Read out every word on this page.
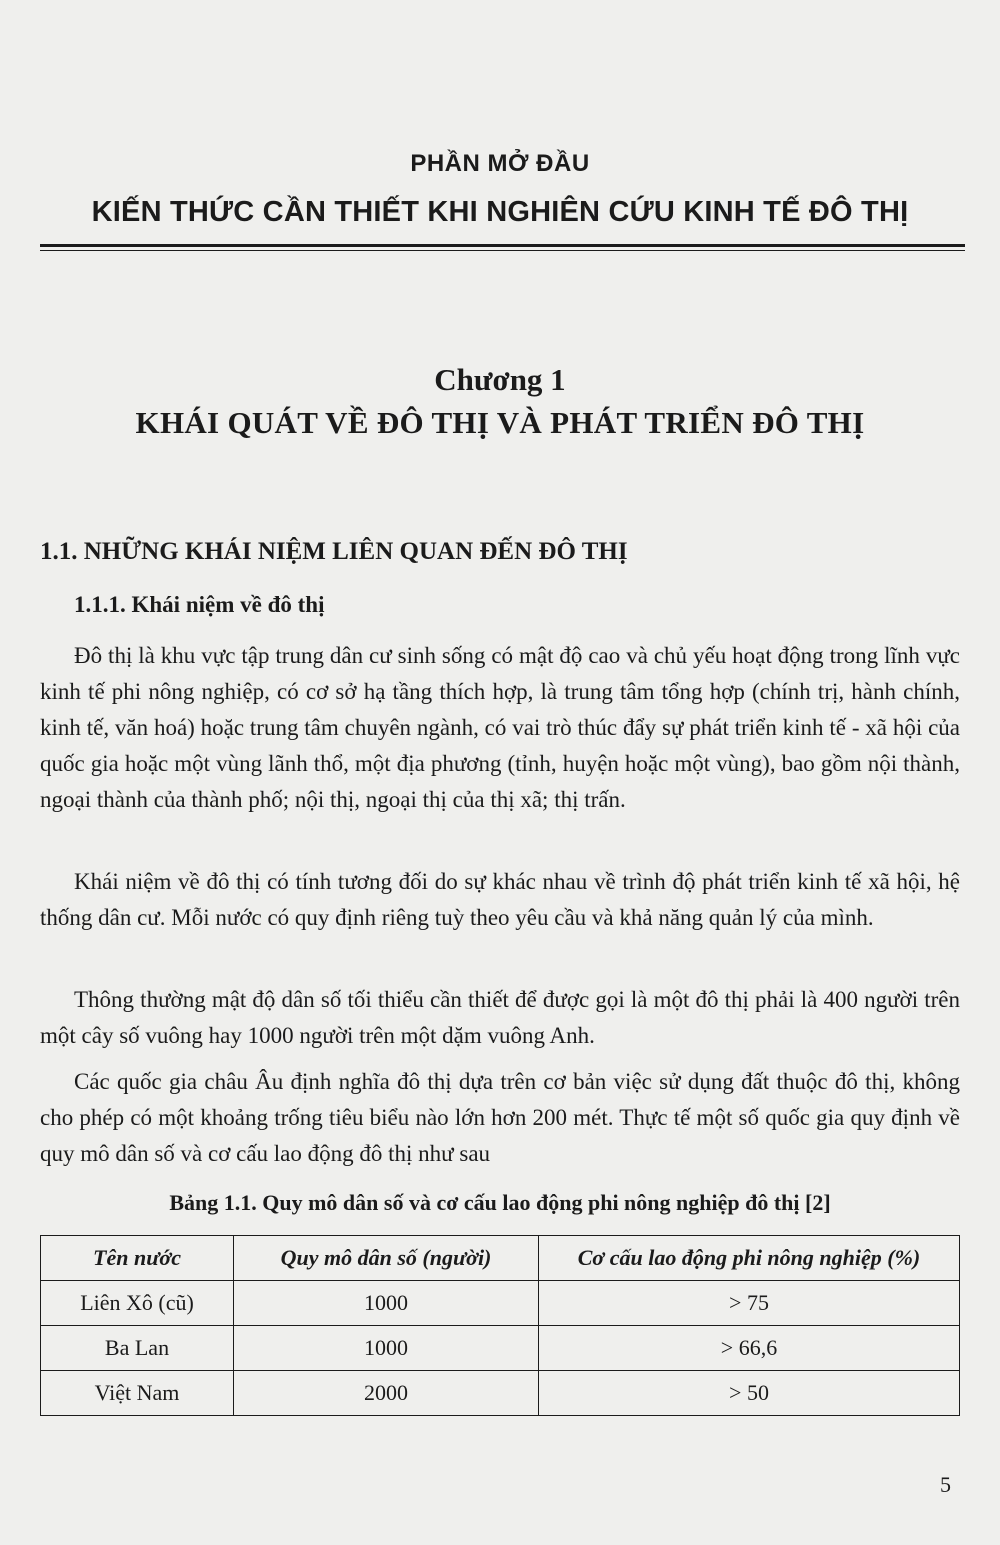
PHẦN MỞ ĐẦU
KIẾN THỨC CẦN THIẾT KHI NGHIÊN CỨU KINH TẾ ĐÔ THỊ
Chương 1
KHÁI QUÁT VỀ ĐÔ THỊ VÀ PHÁT TRIỂN ĐÔ THỊ
1.1. NHỮNG KHÁI NIỆM LIÊN QUAN ĐẾN ĐÔ THỊ
1.1.1. Khái niệm về đô thị

Đô thị là khu vực tập trung dân cư sinh sống có mật độ cao và chủ yếu hoạt động trong lĩnh vực kinh tế phi nông nghiệp, có cơ sở hạ tầng thích hợp, là trung tâm tổng hợp (chính trị, hành chính, kinh tế, văn hoá) hoặc trung tâm chuyên ngành, có vai trò thúc đẩy sự phát triển kinh tế - xã hội của quốc gia hoặc một vùng lãnh thổ, một địa phương (tỉnh, huyện hoặc một vùng), bao gồm nội thành, ngoại thành của thành phố; nội thị, ngoại thị của thị xã; thị trấn.

Khái niệm về đô thị có tính tương đối do sự khác nhau về trình độ phát triển kinh tế xã hội, hệ thống dân cư. Mỗi nước có quy định riêng tuỳ theo yêu cầu và khả năng quản lý của mình.

Thông thường mật độ dân số tối thiểu cần thiết để được gọi là một đô thị phải là 400 người trên một cây số vuông hay 1000 người trên một dặm vuông Anh.

Các quốc gia châu Âu định nghĩa đô thị dựa trên cơ bản việc sử dụng đất thuộc đô thị, không cho phép có một khoảng trống tiêu biểu nào lớn hơn 200 mét. Thực tế một số quốc gia quy định về quy mô dân số và cơ cấu lao động đô thị như sau

Bảng 1.1. Quy mô dân số và cơ cấu lao động phi nông nghiệp đô thị [2]
Tên nước	Quy mô dân số (người)	Cơ cấu lao động phi nông nghiệp (%)
Liên Xô (cũ)	1000	> 75
Ba Lan	1000	> 66,6
Việt Nam	2000	> 50
5
